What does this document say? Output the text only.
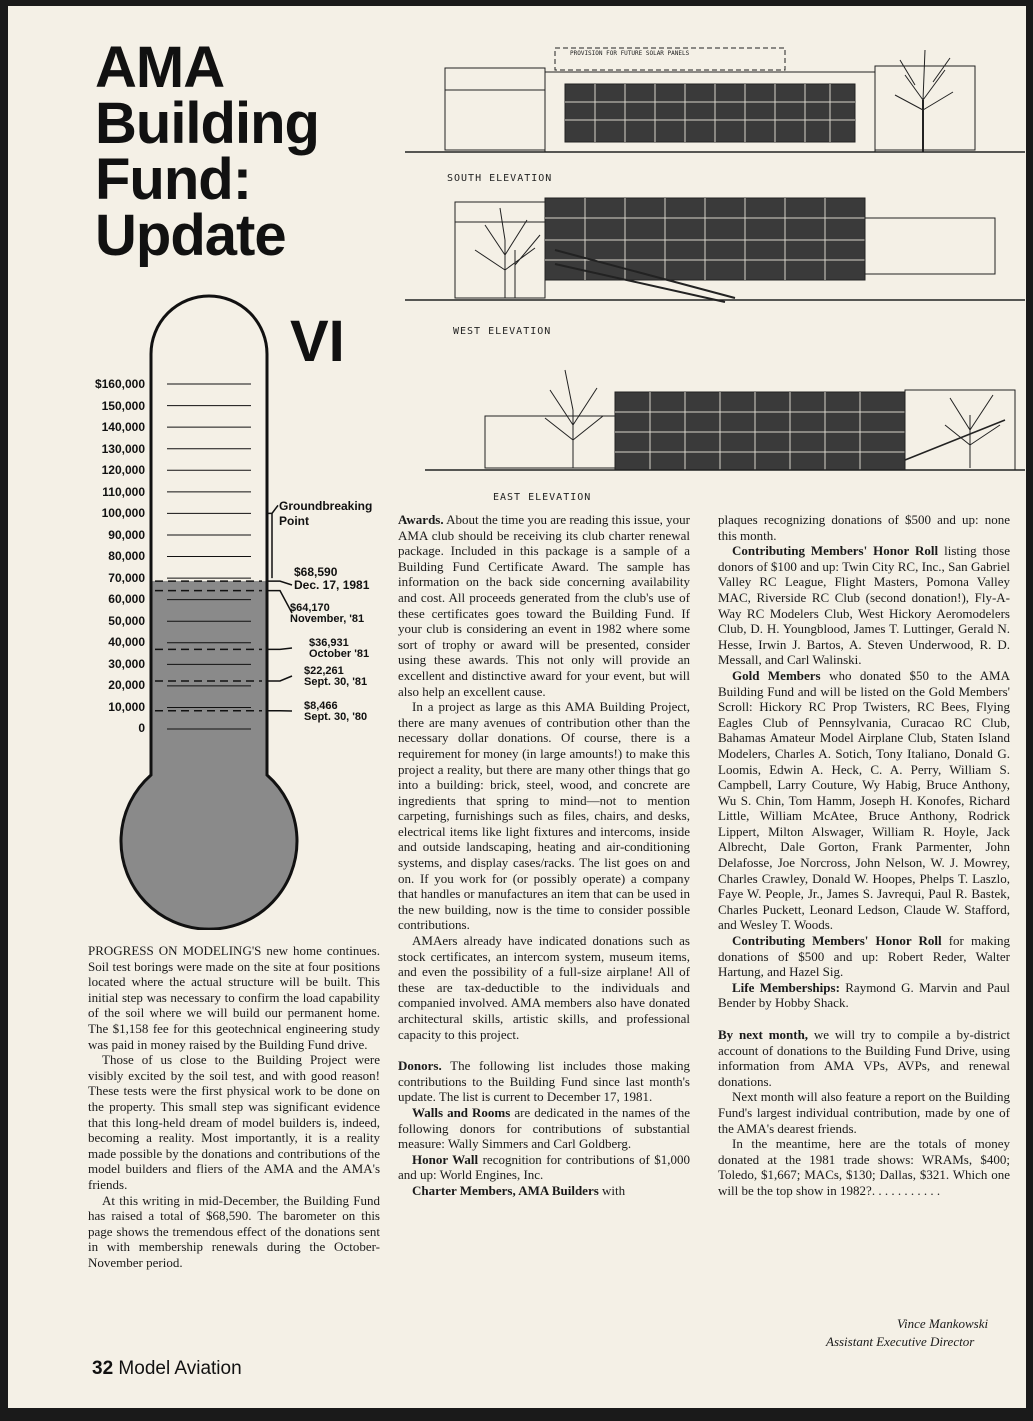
AMA
Building
Fund:
Update
VI
PROVISION FOR FUTURE SOLAR PANELS
SOUTH ELEVATION
WEST ELEVATION
EAST ELEVATION
$160,000
150,000
140,000
130,000
120,000
110,000
100,000
90,000
80,000
70,000
60,000
50,000
40,000
30,000
20,000
10,000
0
Groundbreaking
Point
$68,590
Dec. 17, 1981
$64,170
November, '81
$36,931
October '81
$22,261
Sept. 30, '81
$8,466
Sept. 30, '80

PROGRESS ON MODELING'S new home continues. Soil test borings were made on the site at four positions located where the actual structure will be built. This initial step was necessary to confirm the load capability of the soil where we will build our permanent home. The $1,158 fee for this geotechnical engineering study was paid in money raised by the Building Fund drive.

Those of us close to the Building Project were visibly excited by the soil test, and with good reason! These tests were the first physical work to be done on the property. This small step was significant evidence that this long-held dream of model builders is, indeed, becoming a reality. Most importantly, it is a reality made possible by the donations and contributions of the model builders and fliers of the AMA and the AMA's friends.

At this writing in mid-December, the Building Fund has raised a total of $68,590. The barometer on this page shows the tremendous effect of the donations sent in with membership renewals during the October-November period.

Awards. About the time you are reading this issue, your AMA club should be receiving its club charter renewal package. Included in this package is a sample of a Building Fund Certificate Award. The sample has information on the back side concerning availability and cost. All proceeds generated from the club's use of these certificates goes toward the Building Fund. If your club is considering an event in 1982 where some sort of trophy or award will be presented, consider using these awards. This not only will provide an excellent and distinctive award for your event, but will also help an excellent cause.

In a project as large as this AMA Building Project, there are many avenues of contribution other than the necessary dollar donations. Of course, there is a requirement for money (in large amounts!) to make this project a reality, but there are many other things that go into a building: brick, steel, wood, and concrete are ingredients that spring to mind—not to mention carpeting, furnishings such as files, chairs, and desks, electrical items like light fixtures and intercoms, inside and outside landscaping, heating and air-conditioning systems, and display cases/racks. The list goes on and on. If you work for (or possibly operate) a company that handles or manufactures an item that can be used in the new building, now is the time to consider possible contributions.

AMAers already have indicated donations such as stock certificates, an intercom system, museum items, and even the possibility of a full-size airplane! All of these are tax-deductible to the individuals and companied involved. AMA members also have donated architectural skills, artistic skills, and professional capacity to this project.

Donors. The following list includes those making contributions to the Building Fund since last month's update. The list is current to December 17, 1981.

Walls and Rooms are dedicated in the names of the following donors for contributions of substantial measure: Wally Simmers and Carl Goldberg.

Honor Wall recognition for contributions of $1,000 and up: World Engines, Inc.

Charter Members, AMA Builders with

plaques recognizing donations of $500 and up: none this month.

Contributing Members' Honor Roll listing those donors of $100 and up: Twin City RC, Inc., San Gabriel Valley RC League, Flight Masters, Pomona Valley MAC, Riverside RC Club (second donation!), Fly-A-Way RC Modelers Club, West Hickory Aeromodelers Club, D. H. Youngblood, James T. Luttinger, Gerald N. Hesse, Irwin J. Bartos, A. Steven Underwood, R. D. Messall, and Carl Walinski.

Gold Members who donated $50 to the AMA Building Fund and will be listed on the Gold Members' Scroll: Hickory RC Prop Twisters, RC Bees, Flying Eagles Club of Pennsylvania, Curacao RC Club, Bahamas Amateur Model Airplane Club, Staten Island Modelers, Charles A. Sotich, Tony Italiano, Donald G. Loomis, Edwin A. Heck, C. A. Perry, William S. Campbell, Larry Couture, Wy Habig, Bruce Anthony, Wu S. Chin, Tom Hamm, Joseph H. Konofes, Richard Little, William McAtee, Bruce Anthony, Rodrick Lippert, Milton Alswager, William R. Hoyle, Jack Albrecht, Dale Gorton, Frank Parmenter, John Delafosse, Joe Norcross, John Nelson, W. J. Mowrey, Charles Crawley, Donald W. Hoopes, Phelps T. Laszlo, Faye W. People, Jr., James S. Javrequi, Paul R. Bastek, Charles Puckett, Leonard Ledson, Claude W. Stafford, and Wesley T. Woods.

Contributing Members' Honor Roll for making donations of $500 and up: Robert Reder, Walter Hartung, and Hazel Sig.

Life Memberships: Raymond G. Marvin and Paul Bender by Hobby Shack.

By next month, we will try to compile a by-district account of donations to the Building Fund Drive, using information from AMA VPs, AVPs, and renewal donations.

Next month will also feature a report on the Building Fund's largest individual contribution, made by one of the AMA's dearest friends.

In the meantime, here are the totals of money donated at the 1981 trade shows: WRAMs, $400; Toledo, $1,667; MACs, $130; Dallas, $321. Which one will be the top show in 1982?. . . . . . . . . . .

Vince Mankowski
Assistant Executive Director
32 Model Aviation
